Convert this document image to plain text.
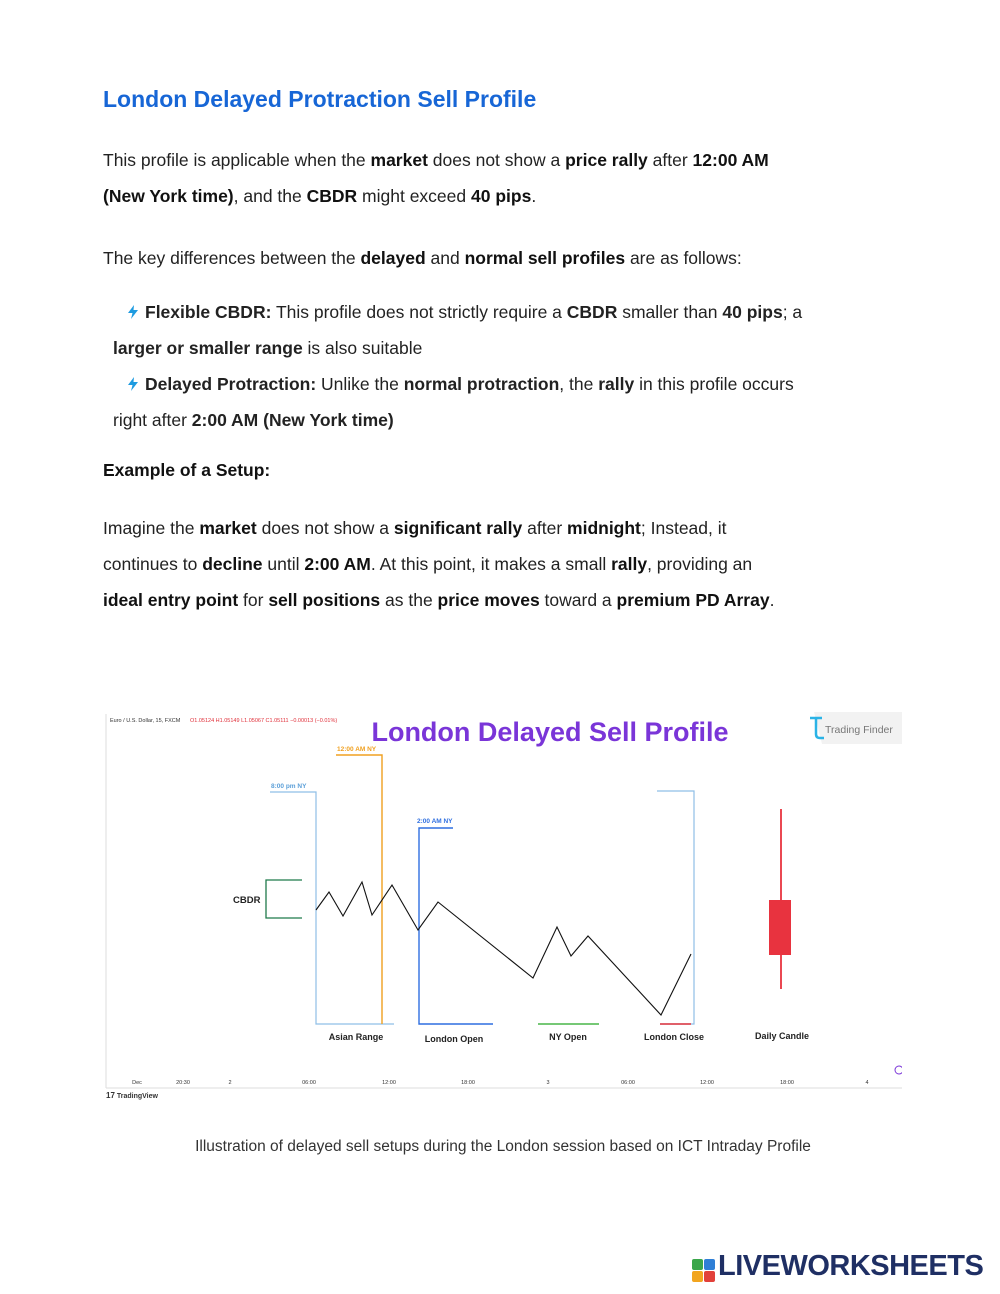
London Delayed Protraction Sell Profile
This profile is applicable when the market does not show a price rally after 12:00 AM
(New York time), and the CBDR might exceed 40 pips.
The key differences between the delayed and normal sell profiles are as follows:
Flexible CBDR: This profile does not strictly require a CBDR smaller than 40 pips; a
larger or smaller range is also suitable
Delayed Protraction: Unlike the normal protraction, the rally in this profile occurs
right after 2:00 AM (New York time)
Example of a Setup:
Imagine the market does not show a significant rally after midnight; Instead, it
continues to decline until 2:00 AM. At this point, it makes a small rally, providing an
ideal entry point for sell positions as the price moves toward a premium PD Array.
Euro / U.S. Dollar, 15, FXCM O1.05124 H1.05149 L1.05067 C1.05111 −0.00013 (−0.01%) London Delayed Sell Profile	Trading Finder
8:00 pm NY
12:00 AM NY
2:00 AM NY
CBDR
Asian Range	London Open	NY Open	London Close	Daily Candle
Dec	20:30	2	06:00	12:00	18:00	3	06:00	12:00	18:00	4
17 TradingView
Illustration of delayed sell setups during the London session based on ICT Intraday Profile
LIVEWORKSHEETS
